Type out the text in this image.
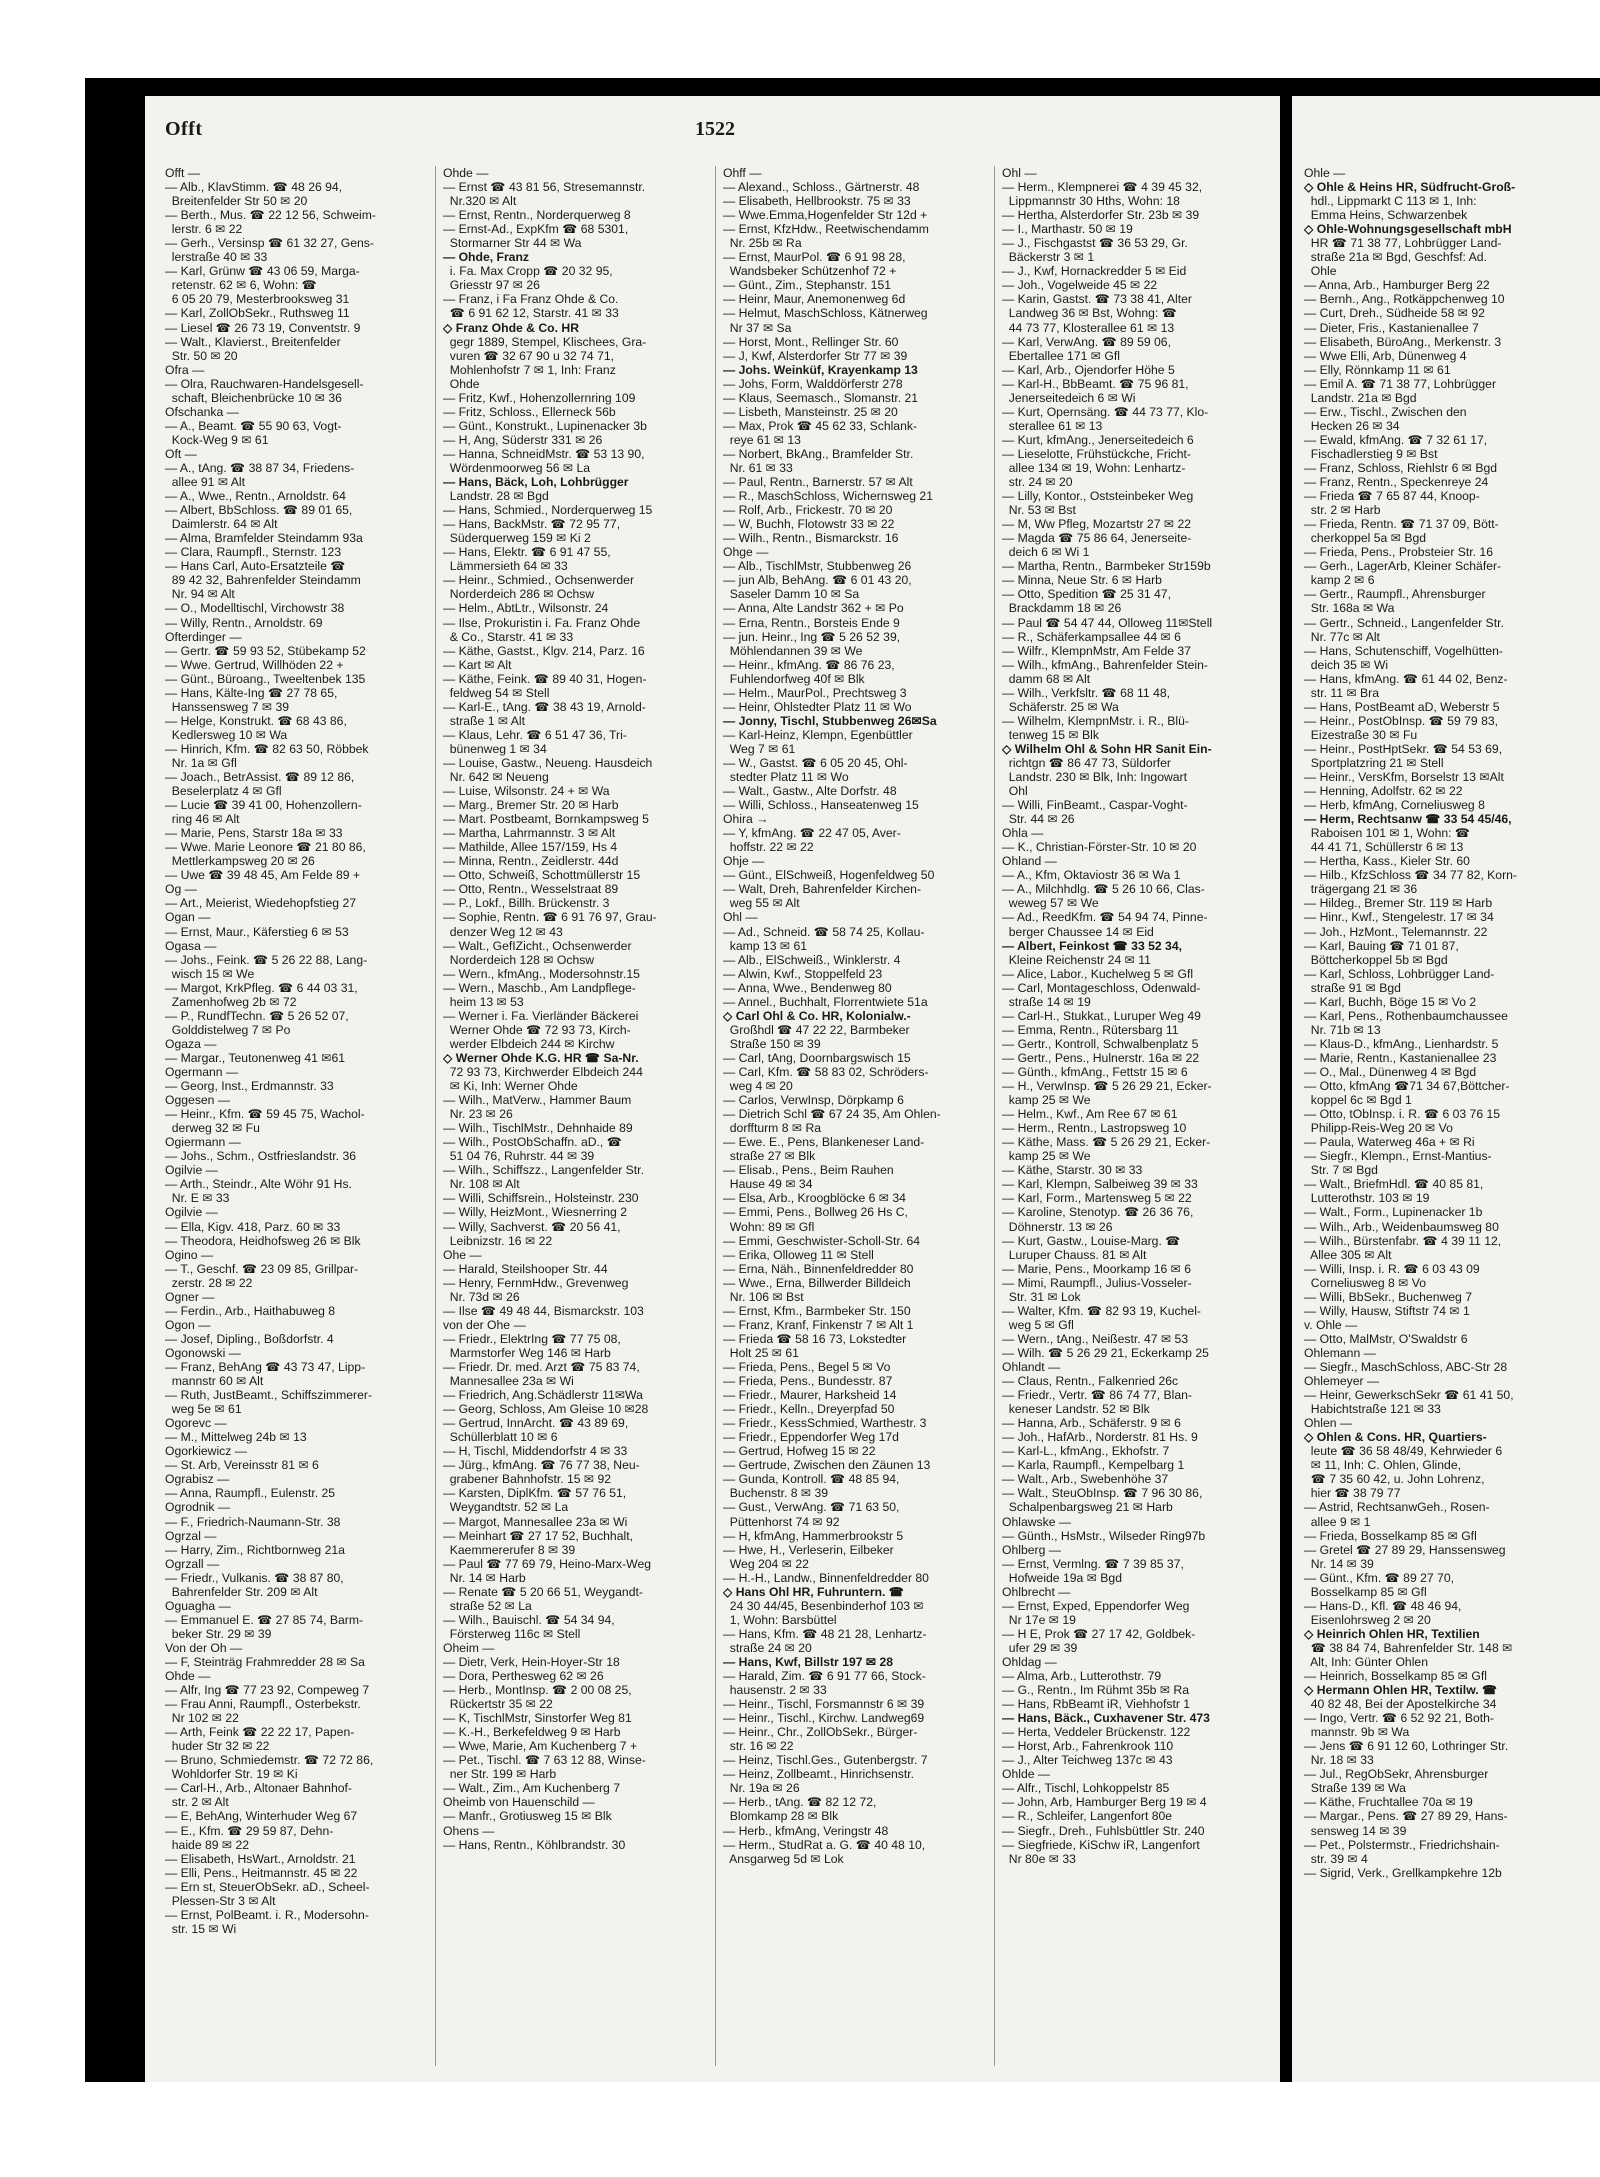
Offt	1522
Offt —
— Alb., KlavStimm. ☎ 48 26 94,
Breitenfelder Str 50 ✉ 20
— Berth., Mus. ☎ 22 12 56, Schweim-
lerstr. 6 ✉ 22
— Gerh., Versinsp ☎ 61 32 27, Gens-
lerstraße 40 ✉ 33
— Karl, Grünw ☎ 43 06 59, Marga-
retenstr. 62 ✉ 6, Wohn: ☎
6 05 20 79, Mesterbrooksweg 31
— Karl, ZollObSekr., Ruthsweg 11
— Liesel ☎ 26 73 19, Conventstr. 9
— Walt., Klavierst., Breitenfelder
Str. 50 ✉ 20
Ofra —
— Olra, Rauchwaren-Handelsgesell-
schaft, Bleichenbrücke 10 ✉ 36
Ofschanka —
— A., Beamt. ☎ 55 90 63, Vogt-
Kock-Weg 9 ✉ 61
Oft —
— A., tAng. ☎ 38 87 34, Friedens-
allee 91 ✉ Alt
— A., Wwe., Rentn., Arnoldstr. 64
— Albert, BbSchloss. ☎ 89 01 65,
Daimlerstr. 64 ✉ Alt
— Alma, Bramfelder Steindamm 93a
— Clara, Raumpfl., Sternstr. 123
— Hans Carl, Auto-Ersatzteile ☎
89 42 32, Bahrenfelder Steindamm
Nr. 94 ✉ Alt
— O., Modelltischl, Virchowstr 38
— Willy, Rentn., Arnoldstr. 69
Ofterdinger —
— Gertr. ☎ 59 93 52, Stübekamp 52
— Wwe. Gertrud, Willhöden 22 +
— Günt., Büroang., Tweeltenbek 135
— Hans, Kälte-Ing ☎ 27 78 65,
Hanssensweg 7 ✉ 39
— Helge, Konstrukt. ☎ 68 43 86,
Kedlersweg 10 ✉ Wa
— Hinrich, Kfm. ☎ 82 63 50, Röbbek
Nr. 1a ✉ Gfl
— Joach., BetrAssist. ☎ 89 12 86,
Beselerplatz 4 ✉ Gfl
— Lucie ☎ 39 41 00, Hohenzollern-
ring 46 ✉ Alt
— Marie, Pens, Starstr 18a ✉ 33
— Wwe. Marie Leonore ☎ 21 80 86,
Mettlerkampsweg 20 ✉ 26
— Uwe ☎ 39 48 45, Am Felde 89 +
Og —
— Art., Meierist, Wiedehopfstieg 27
Ogan —
— Ernst, Maur., Käferstieg 6 ✉ 53
Ogasa —
— Johs., Feink. ☎ 5 26 22 88, Lang-
wisch 15 ✉ We
— Margot, KrkPfleg. ☎ 6 44 03 31,
Zamenhofweg 2b ✉ 72
— P., RundfTechn. ☎ 5 26 52 07,
Golddistelweg 7 ✉ Po
Ogaza —
— Margar., Teutonenweg 41 ✉61
Ogermann —
— Georg, Inst., Erdmannstr. 33
Oggesen —
— Heinr., Kfm. ☎ 59 45 75, Wachol-
derweg 32 ✉ Fu
Ogiermann —
— Johs., Schm., Ostfrieslandstr. 36
Ogilvie —
— Arth., Steindr., Alte Wöhr 91 Hs.
Nr. E ✉ 33
Ogilvie —
— Ella, Kigv. 418, Parz. 60 ✉ 33
— Theodora, Heidhofsweg 26 ✉ Blk
Ogino —
— T., Geschf. ☎ 23 09 85, Grillpar-
zerstr. 28 ✉ 22
Ogner —
— Ferdin., Arb., Haithabuweg 8
Ogon —
— Josef, Dipling., Boßdorfstr. 4
Ogonowski —
— Franz, BehAng ☎ 43 73 47, Lipp-
mannstr 60 ✉ Alt
— Ruth, JustBeamt., Schiffszimmerer-
weg 5e ✉ 61
Ogorevc —
— M., Mittelweg 24b ✉ 13
Ogorkiewicz —
— St. Arb, Vereinsstr 81 ✉ 6
Ograbisz —
— Anna, Raumpfl., Eulenstr. 25
Ogrodnik —
— F., Friedrich-Naumann-Str. 38
Ogrzal —
— Harry, Zim., Richtbornweg 21a
Ogrzall —
— Friedr., Vulkanis. ☎ 38 87 80,
Bahrenfelder Str. 209 ✉ Alt
Oguagha —
— Emmanuel E. ☎ 27 85 74, Barm-
beker Str. 29 ✉ 39
Von der Oh —
— F, Steinträg Frahmredder 28 ✉ Sa
Ohde —
— Alfr, Ing ☎ 77 23 92, Compeweg 7
— Frau Anni, Raumpfl., Osterbekstr.
Nr 102 ✉ 22
— Arth, Feink ☎ 22 22 17, Papen-
huder Str 32 ✉ 22
— Bruno, Schmiedemstr. ☎ 72 72 86,
Wohldorfer Str. 19 ✉ Ki
— Carl-H., Arb., Altonaer Bahnhof-
str. 2 ✉ Alt
— E, BehAng, Winterhuder Weg 67
— E., Kfm. ☎ 29 59 87, Dehn-
haide 89 ✉ 22
— Elisabeth, HsWart., Arnoldstr. 21
— Elli, Pens., Heitmannstr. 45 ✉ 22
— Ern st, SteuerObSekr. aD., Scheel-
Plessen-Str 3 ✉ Alt
— Ernst, PolBeamt. i. R., Modersohn-
str. 15 ✉ Wi
Ohde —
— Ernst ☎ 43 81 56, Stresemannstr.
Nr.320 ✉ Alt
— Ernst, Rentn., Norderquerweg 8
— Ernst-Ad., ExpKfm ☎ 68 5301,
Stormarner Str 44 ✉ Wa
— Ohde, Franz
i. Fa. Max Cropp ☎ 20 32 95,
Griesstr 97 ✉ 26
— Franz, i Fa Franz Ohde & Co.
☎ 6 91 62 12, Starstr. 41 ✉ 33
◇ Franz Ohde & Co. HR
gegr 1889, Stempel, Klischees, Gra-
vuren ☎ 32 67 90 u 32 74 71,
Mohlenhofstr 7 ✉ 1, Inh: Franz
Ohde
— Fritz, Kwf., Hohenzollernring 109
— Fritz, Schloss., Ellerneck 56b
— Günt., Konstrukt., Lupinenacker 3b
— H, Ang, Süderstr 331 ✉ 26
— Hanna, SchneidMstr. ☎ 53 13 90,
Wördenmoorweg 56 ✉ La
— Hans, Bäck, Loh, Lohbrügger
Landstr. 28 ✉ Bgd
— Hans, Schmied., Norderquerweg 15
— Hans, BackMstr. ☎ 72 95 77,
Süderquerweg 159 ✉ Ki 2
— Hans, Elektr. ☎ 6 91 47 55,
Lämmersieth 64 ✉ 33
— Heinr., Schmied., Ochsenwerder
Norderdeich 286 ✉ Ochsw
— Helm., AbtLtr., Wilsonstr. 24
— Ilse, Prokuristin i. Fa. Franz Ohde
& Co., Starstr. 41 ✉ 33
— Käthe, Gastst., Klgv. 214, Parz. 16
— Kart ✉ Alt
— Käthe, Feink. ☎ 89 40 31, Hogen-
feldweg 54 ✉ Stell
— Karl-E., tAng. ☎ 38 43 19, Arnold-
straße 1 ✉ Alt
— Klaus, Lehr. ☎ 6 51 47 36, Tri-
bünenweg 1 ✉ 34
— Louise, Gastw., Neueng. Hausdeich
Nr. 642 ✉ Neueng
— Luise, Wilsonstr. 24 + ✉ Wa
— Marg., Bremer Str. 20 ✉ Harb
— Mart. Postbeamt, Bornkampsweg 5
— Martha, Lahrmannstr. 3 ✉ Alt
— Mathilde, Allee 157/159, Hs 4
— Minna, Rentn., Zeidlerstr. 44d
— Otto, Schweiß, Schottmüllerstr 15
— Otto, Rentn., Wesselstraat 89
— P., Lokf., Billh. Brückenstr. 3
— Sophie, Rentn. ☎ 6 91 76 97, Grau-
denzer Weg 12 ✉ 43
— Walt., GefIZicht., Ochsenwerder
Norderdeich 128 ✉ Ochsw
— Wern., kfmAng., Modersohnstr.15
— Wern., Maschb., Am Landpflege-
heim 13 ✉ 53
— Werner i. Fa. Vierländer Bäckerei
Werner Ohde ☎ 72 93 73, Kirch-
werder Elbdeich 244 ✉ Kirchw
◇ Werner Ohde K.G. HR ☎ Sa-Nr.
72 93 73, Kirchwerder Elbdeich 244
✉ Ki, Inh: Werner Ohde
— Wilh., MatVerw., Hammer Baum
Nr. 23 ✉ 26
— Wilh., TischlMstr., Dehnhaide 89
— Wilh., PostObSchaffn. aD., ☎
51 04 76, Ruhrstr. 44 ✉ 39
— Wilh., Schiffszz., Langenfelder Str.
Nr. 108 ✉ Alt
— Willi, Schiffsrein., Holsteinstr. 230
— Willy, HeizMont., Wiesnerring 2
— Willy, Sachverst. ☎ 20 56 41,
Leibnizstr. 16 ✉ 22
Ohe —
— Harald, Steilshooper Str. 44
— Henry, FernmHdw., Grevenweg
Nr. 73d ✉ 26
— Ilse ☎ 49 48 44, Bismarckstr. 103
von der Ohe —
— Friedr., ElektrIng ☎ 77 75 08,
Marmstorfer Weg 146 ✉ Harb
— Friedr. Dr. med. Arzt ☎ 75 83 74,
Mannesallee 23a ✉ Wi
— Friedrich, Ang.Schädlerstr 11✉Wa
— Georg, Schloss, Am Gleise 10 ✉28
— Gertrud, InnArcht. ☎ 43 89 69,
Schüllerblatt 10 ✉ 6
— H, Tischl, Middendorfstr 4 ✉ 33
— Jürg., kfmAng. ☎ 76 77 38, Neu-
grabener Bahnhofstr. 15 ✉ 92
— Karsten, DiplKfm. ☎ 57 76 51,
Weygandtstr. 52 ✉ La
— Margot, Mannesallee 23a ✉ Wi
— Meinhart ☎ 27 17 52, Buchhalt,
Kaemmererufer 8 ✉ 39
— Paul ☎ 77 69 79, Heino-Marx-Weg
Nr. 14 ✉ Harb
— Renate ☎ 5 20 66 51, Weygandt-
straße 52 ✉ La
— Wilh., Bauischl. ☎ 54 34 94,
Försterweg 116c ✉ Stell
Oheim —
— Dietr, Verk, Hein-Hoyer-Str 18
— Dora, Perthesweg 62 ✉ 26
— Herb., MontInsp. ☎ 2 00 08 25,
Rückertstr 35 ✉ 22
— K, TischlMstr, Sinstorfer Weg 81
— K.-H., Berkefeldweg 9 ✉ Harb
— Wwe, Marie, Am Kuchenberg 7 +
— Pet., Tischl. ☎ 7 63 12 88, Winse-
ner Str. 199 ✉ Harb
— Walt., Zim., Am Kuchenberg 7
Oheimb von Hauenschild —
— Manfr., Grotiusweg 15 ✉ Blk
Ohens —
— Hans, Rentn., Köhlbrandstr. 30
Ohff —
— Alexand., Schloss., Gärtnerstr. 48
— Elisabeth, Hellbrookstr. 75 ✉ 33
— Wwe.Emma,Hogenfelder Str 12d +
— Ernst, KfzHdw., Reetwischendamm
Nr. 25b ✉ Ra
— Ernst, MaurPol. ☎ 6 91 98 28,
Wandsbeker Schützenhof 72 +
— Günt., Zim., Stephanstr. 151
— Heinr, Maur, Anemonenweg 6d
— Helmut, MaschSchloss, Kätnerweg
Nr 37 ✉ Sa
— Horst, Mont., Rellinger Str. 60
— J, Kwf, Alsterdorfer Str 77 ✉ 39
— Johs. Weinküf, Krayenkamp 13
— Johs, Form, Walddörferstr 278
— Klaus, Seemasch., Slomanstr. 21
— Lisbeth, Mansteinstr. 25 ✉ 20
— Max, Prok ☎ 45 62 33, Schlank-
reye 61 ✉ 13
— Norbert, BkAng., Bramfelder Str.
Nr. 61 ✉ 33
— Paul, Rentn., Barnerstr. 57 ✉ Alt
— R., MaschSchloss, Wichernsweg 21
— Rolf, Arb., Frickestr. 70 ✉ 20
— W, Buchh, Flotowstr 33 ✉ 22
— Wilh., Rentn., Bismarckstr. 16
Ohge —
— Alb., TischlMstr, Stubbenweg 26
— jun Alb, BehAng. ☎ 6 01 43 20,
Saseler Damm 10 ✉ Sa
— Anna, Alte Landstr 362 + ✉ Po
— Erna, Rentn., Borsteis Ende 9
— jun. Heinr., Ing ☎ 5 26 52 39,
Möhlendannen 39 ✉ We
— Heinr., kfmAng. ☎ 86 76 23,
Fuhlendorfweg 40f ✉ Blk
— Helm., MaurPol., Prechtsweg 3
— Heinr, Ohlstedter Platz 11 ✉ Wo
— Jonny, Tischl, Stubbenweg 26✉Sa
— Karl-Heinz, Klempn, Egenbüttler
Weg 7 ✉ 61
— W., Gastst. ☎ 6 05 20 45, Ohl-
stedter Platz 11 ✉ Wo
— Walt., Gastw., Alte Dorfstr. 48
— Willi, Schloss., Hanseatenweg 15
Ohira →
— Y, kfmAng. ☎ 22 47 05, Aver-
hoffstr. 22 ✉ 22
Ohje —
— Günt., ElSchweiß, Hogenfeldweg 50
— Walt, Dreh, Bahrenfelder Kirchen-
weg 55 ✉ Alt
Ohl —
— Ad., Schneid. ☎ 58 74 25, Kollau-
kamp 13 ✉ 61
— Alb., ElSchweiß., Winklerstr. 4
— Alwin, Kwf., Stoppelfeld 23
— Anna, Wwe., Bendenweg 80
— Annel., Buchhalt, Florrentwiete 51a
◇ Carl Ohl & Co. HR, Kolonialw.-
Großhdl ☎ 47 22 22, Barmbeker
Straße 150 ✉ 39
— Carl, tAng, Doornbargswisch 15
— Carl, Kfm. ☎ 58 83 02, Schröders-
weg 4 ✉ 20
— Carlos, VerwInsp, Dörpkamp 6
— Dietrich Schl ☎ 67 24 35, Am Ohlen-
dorffturm 8 ✉ Ra
— Ewe. E., Pens, Blankeneser Land-
straße 27 ✉ Blk
— Elisab., Pens., Beim Rauhen
Hause 49 ✉ 34
— Elsa, Arb., Kroogblöcke 6 ✉ 34
— Emmi, Pens., Bollweg 26 Hs C,
Wohn: 89 ✉ Gfl
— Emmi, Geschwister-Scholl-Str. 64
— Erika, Olloweg 11 ✉ Stell
— Erna, Näh., Binnenfeldredder 80
— Wwe., Erna, Billwerder Billdeich
Nr. 106 ✉ Bst
— Ernst, Kfm., Barmbeker Str. 150
— Franz, Kranf, Finkenstr 7 ✉ Alt 1
— Frieda ☎ 58 16 73, Lokstedter
Holt 25 ✉ 61
— Frieda, Pens., Begel 5 ✉ Vo
— Frieda, Pens., Bundesstr. 87
— Friedr., Maurer, Harksheid 14
— Friedr., Kelln., Dreyerpfad 50
— Friedr., KessSchmied, Warthestr. 3
— Friedr., Eppendorfer Weg 17d
— Gertrud, Hofweg 15 ✉ 22
— Gertrude, Zwischen den Zäunen 13
— Gunda, Kontroll. ☎ 48 85 94,
Buchenstr. 8 ✉ 39
— Gust., VerwAng. ☎ 71 63 50,
Püttenhorst 74 ✉ 92
— H, kfmAng, Hammerbrookstr 5
— Hwe, H., Verleserin, Eilbeker
Weg 204 ✉ 22
— H.-H., Landw., Binnenfeldredder 80
◇ Hans Ohl HR, Fuhruntern. ☎
24 30 44/45, Besenbinderhof 103 ✉
1, Wohn: Barsbüttel
— Hans, Kfm. ☎ 48 21 28, Lenhartz-
straße 24 ✉ 20
— Hans, Kwf, Billstr 197 ✉ 28
— Harald, Zim. ☎ 6 91 77 66, Stock-
hausenstr. 2 ✉ 33
— Heinr., Tischl, Forsmannstr 6 ✉ 39
— Heinr., Tischl., Kirchw. Landweg69
— Heinr., Chr., ZollObSekr., Bürger-
str. 16 ✉ 22
— Heinz, Tischl.Ges., Gutenbergstr. 7
— Heinz, Zollbeamt., Hinrichsenstr.
Nr. 19a ✉ 26
— Herb., tAng. ☎ 82 12 72,
Blomkamp 28 ✉ Blk
— Herb., kfmAng, Veringstr 48
— Herm., StudRat a. G. ☎ 40 48 10,
Ansgarweg 5d ✉ Lok
Ohl —
— Herm., Klempnerei ☎ 4 39 45 32,
Lippmannstr 30 Hths, Wohn: 18
— Hertha, Alsterdorfer Str. 23b ✉ 39
— I., Marthastr. 50 ✉ 19
— J., Fischgastst ☎ 36 53 29, Gr.
Bäckerstr 3 ✉ 1
— J., Kwf, Hornackredder 5 ✉ Eid
— Joh., Vogelweide 45 ✉ 22
— Karin, Gastst. ☎ 73 38 41, Alter
Landweg 36 ✉ Bst, Wohng: ☎
44 73 77, Klosterallee 61 ✉ 13
— Karl, VerwAng. ☎ 89 59 06,
Ebertallee 171 ✉ Gfl
— Karl, Arb., Ojendorfer Höhe 5
— Karl-H., BbBeamt. ☎ 75 96 81,
Jenerseitedeich 6 ✉ Wi
— Kurt, Opernsäng. ☎ 44 73 77, Klo-
sterallee 61 ✉ 13
— Kurt, kfmAng., Jenerseitedeich 6
— Lieselotte, Frühstückche, Fricht-
allee 134 ✉ 19, Wohn: Lenhartz-
str. 24 ✉ 20
— Lilly, Kontor., Oststeinbeker Weg
Nr. 53 ✉ Bst
— M, Ww Pfleg, Mozartstr 27 ✉ 22
— Magda ☎ 75 86 64, Jenerseite-
deich 6 ✉ Wi 1
— Martha, Rentn., Barmbeker Str159b
— Minna, Neue Str. 6 ✉ Harb
— Otto, Spedition ☎ 25 31 47,
Brackdamm 18 ✉ 26
— Paul ☎ 54 47 44, Olloweg 11✉Stell
— R., Schäferkampsallee 44 ✉ 6
— Wilfr., KlempnMstr, Am Felde 37
— Wilh., kfmAng., Bahrenfelder Stein-
damm 68 ✉ Alt
— Wilh., Verkfsltr. ☎ 68 11 48,
Schäferstr. 25 ✉ Wa
— Wilhelm, KlempnMstr. i. R., Blü-
tenweg 15 ✉ Blk
◇ Wilhelm Ohl & Sohn HR Sanit Ein-
richtgn ☎ 86 47 73, Süldorfer
Landstr. 230 ✉ Blk, Inh: Ingowart
Ohl
— Willi, FinBeamt., Caspar-Voght-
Str. 44 ✉ 26
Ohla —
— K., Christian-Förster-Str. 10 ✉ 20
Ohland —
— A., Kfm, Oktaviostr 36 ✉ Wa 1
— A., Milchhdlg. ☎ 5 26 10 66, Clas-
weweg 57 ✉ We
— Ad., ReedKfm. ☎ 54 94 74, Pinne-
berger Chaussee 14 ✉ Eid
— Albert, Feinkost ☎ 33 52 34,
Kleine Reichenstr 24 ✉ 11
— Alice, Labor., Kuchelweg 5 ✉ Gfl
— Carl, Montageschloss, Odenwald-
straße 14 ✉ 19
— Carl-H., Stukkat., Luruper Weg 49
— Emma, Rentn., Rütersbarg 11
— Gertr., Kontroll, Schwalbenplatz 5
— Gertr., Pens., Hulnerstr. 16a ✉ 22
— Günth., kfmAng., Fettstr 15 ✉ 6
— H., VerwInsp. ☎ 5 26 29 21, Ecker-
kamp 25 ✉ We
— Helm., Kwf., Am Ree 67 ✉ 61
— Herm., Rentn., Lastropsweg 10
— Käthe, Mass. ☎ 5 26 29 21, Ecker-
kamp 25 ✉ We
— Käthe, Starstr. 30 ✉ 33
— Karl, Klempn, Salbeiweg 39 ✉ 33
— Karl, Form., Martensweg 5 ✉ 22
— Karoline, Stenotyp. ☎ 26 36 76,
Döhnerstr. 13 ✉ 26
— Kurt, Gastw., Louise-Marg. ☎
Luruper Chauss. 81 ✉ Alt
— Marie, Pens., Moorkamp 16 ✉ 6
— Mimi, Raumpfl., Julius-Vosseler-
Str. 31 ✉ Lok
— Walter, Kfm. ☎ 82 93 19, Kuchel-
weg 5 ✉ Gfl
— Wern., tAng., Neißestr. 47 ✉ 53
— Wilh. ☎ 5 26 29 21, Eckerkamp 25
Ohlandt —
— Claus, Rentn., Falkenried 26c
— Friedr., Vertr. ☎ 86 74 77, Blan-
keneser Landstr. 52 ✉ Blk
— Hanna, Arb., Schäferstr. 9 ✉ 6
— Joh., HafArb., Norderstr. 81 Hs. 9
— Karl-L., kfmAng., Ekhofstr. 7
— Karla, Raumpfl., Kempelbarg 1
— Walt., Arb., Swebenhöhe 37
— Walt., SteuObInsp. ☎ 7 96 30 86,
Schalpenbargsweg 21 ✉ Harb
Ohlawske —
— Günth., HsMstr., Wilseder Ring97b
Ohlberg —
— Ernst, Vermlng. ☎ 7 39 85 37,
Hofweide 19a ✉ Bgd
Ohlbrecht —
— Ernst, Exped, Eppendorfer Weg
Nr 17e ✉ 19
— H E, Prok ☎ 27 17 42, Goldbek-
ufer 29 ✉ 39
Ohldag —
— Alma, Arb., Lutterothstr. 79
— G., Rentn., Im Rühmt 35b ✉ Ra
— Hans, RbBeamt iR, Viehhofstr 1
— Hans, Bäck., Cuxhavener Str. 473
— Herta, Veddeler Brückenstr. 122
— Horst, Arb., Fahrenkrook 110
— J., Alter Teichweg 137c ✉ 43
Ohlde —
— Alfr., Tischl, Lohkoppelstr 85
— John, Arb, Hamburger Berg 19 ✉ 4
— R., Schleifer, Langenfort 80e
— Siegfr., Dreh., Fuhlsbüttler Str. 240
— Siegfriede, KiSchw iR, Langenfort
Nr 80e ✉ 33
Ohle —
◇ Ohle & Heins HR, Südfrucht-Groß-
hdl., Lippmarkt C 113 ✉ 1, Inh:
Emma Heins, Schwarzenbek
◇ Ohle-Wohnungsgesellschaft mbH
HR ☎ 71 38 77, Lohbrügger Land-
straße 21a ✉ Bgd, Geschfsf: Ad.
Ohle
— Anna, Arb., Hamburger Berg 22
— Bernh., Ang., Rotkäppchenweg 10
— Curt, Dreh., Südheide 58 ✉ 92
— Dieter, Fris., Kastanienallee 7
— Elisabeth, BüroAng., Merkenstr. 3
— Wwe Elli, Arb, Dünenweg 4
— Elly, Rönnkamp 11 ✉ 61
— Emil A. ☎ 71 38 77, Lohbrügger
Landstr. 21a ✉ Bgd
— Erw., Tischl., Zwischen den
Hecken 26 ✉ 34
— Ewald, kfmAng. ☎ 7 32 61 17,
Fischadlerstieg 9 ✉ Bst
— Franz, Schloss, Riehlstr 6 ✉ Bgd
— Franz, Rentn., Speckenreye 24
— Frieda ☎ 7 65 87 44, Knoop-
str. 2 ✉ Harb
— Frieda, Rentn. ☎ 71 37 09, Bött-
cherkoppel 5a ✉ Bgd
— Frieda, Pens., Probsteier Str. 16
— Gerh., LagerArb, Kleiner Schäfer-
kamp 2 ✉ 6
— Gertr., Raumpfl., Ahrensburger
Str. 168a ✉ Wa
— Gertr., Schneid., Langenfelder Str.
Nr. 77c ✉ Alt
— Hans, Schutenschiff, Vogelhütten-
deich 35 ✉ Wi
— Hans, kfmAng. ☎ 61 44 02, Benz-
str. 11 ✉ Bra
— Hans, PostBeamt aD, Weberstr 5
— Heinr., PostObInsp. ☎ 59 79 83,
Eizestraße 30 ✉ Fu
— Heinr., PostHptSekr. ☎ 54 53 69,
Sportplatzring 21 ✉ Stell
— Heinr., VersKfm, Borselstr 13 ✉Alt
— Henning, Adolfstr. 62 ✉ 22
— Herb, kfmAng, Corneliusweg 8
— Herm, Rechtsanw ☎ 33 54 45/46,
Raboisen 101 ✉ 1, Wohn: ☎
44 41 71, Schüllerstr 6 ✉ 13
— Hertha, Kass., Kieler Str. 60
— Hilb., KfzSchloss ☎ 34 77 82, Korn-
trägergang 21 ✉ 36
— Hildeg., Bremer Str. 119 ✉ Harb
— Hinr., Kwf., Stengelestr. 17 ✉ 34
— Joh., HzMont., Telemannstr. 22
— Karl, Bauing ☎ 71 01 87,
Böttcherkoppel 5b ✉ Bgd
— Karl, Schloss, Lohbrügger Land-
straße 91 ✉ Bgd
— Karl, Buchh, Böge 15 ✉ Vo 2
— Karl, Pens., Rothenbaumchaussee
Nr. 71b ✉ 13
— Klaus-D., kfmAng., Lienhardstr. 5
— Marie, Rentn., Kastanienallee 23
— O., Mal., Dünenweg 4 ✉ Bgd
— Otto, kfmAng ☎71 34 67,Böttcher-
koppel 6c ✉ Bgd 1
— Otto, tObInsp. i. R. ☎ 6 03 76 15
Philipp-Reis-Weg 20 ✉ Vo
— Paula, Waterweg 46a + ✉ Ri
— Siegfr., Klempn., Ernst-Mantius-
Str. 7 ✉ Bgd
— Walt., BriefmHdl. ☎ 40 85 81,
Lutterothstr. 103 ✉ 19
— Walt., Form., Lupinenacker 1b
— Wilh., Arb., Weidenbaumsweg 80
— Wilh., Bürstenfabr. ☎ 4 39 11 12,
Allee 305 ✉ Alt
— Willi, Insp. i. R. ☎ 6 03 43 09
Corneliusweg 8 ✉ Vo
— Willi, BbSekr., Buchenweg 7
— Willy, Hausw, Stiftstr 74 ✉ 1
v. Ohle —
— Otto, MalMstr, O'Swaldstr 6
Ohlemann —
— Siegfr., MaschSchloss, ABC-Str 28
Ohlemeyer —
— Heinr, GewerkschSekr ☎ 61 41 50,
Habichtstraße 121 ✉ 33
Ohlen —
◇ Ohlen & Cons. HR, Quartiers-
leute ☎ 36 58 48/49, Kehrwieder 6
✉ 11, Inh: C. Ohlen, Glinde,
☎ 7 35 60 42, u. John Lohrenz,
hier ☎ 38 79 77
— Astrid, RechtsanwGeh., Rosen-
allee 9 ✉ 1
— Frieda, Bosselkamp 85 ✉ Gfl
— Gretel ☎ 27 89 29, Hanssensweg
Nr. 14 ✉ 39
— Günt., Kfm. ☎ 89 27 70,
Bosselkamp 85 ✉ Gfl
— Hans-D., Kfl. ☎ 48 46 94,
Eisenlohrsweg 2 ✉ 20
◇ Heinrich Ohlen HR, Textilien
☎ 38 84 74, Bahrenfelder Str. 148 ✉
Alt, Inh: Günter Ohlen
— Heinrich, Bosselkamp 85 ✉ Gfl
◇ Hermann Ohlen HR, Textilw. ☎
40 82 48, Bei der Apostelkirche 34
— Ingo, Vertr. ☎ 6 52 92 21, Both-
mannstr. 9b ✉ Wa
— Jens ☎ 6 91 12 60, Lothringer Str.
Nr. 18 ✉ 33
— Jul., RegObSekr, Ahrensburger
Straße 139 ✉ Wa
— Käthe, Fruchtallee 70a ✉ 19
— Margar., Pens. ☎ 27 89 29, Hans-
sensweg 14 ✉ 39
— Pet., Polstermstr., Friedrichshain-
str. 39 ✉ 4
— Sigrid, Verk., Grellkampkehre 12b
